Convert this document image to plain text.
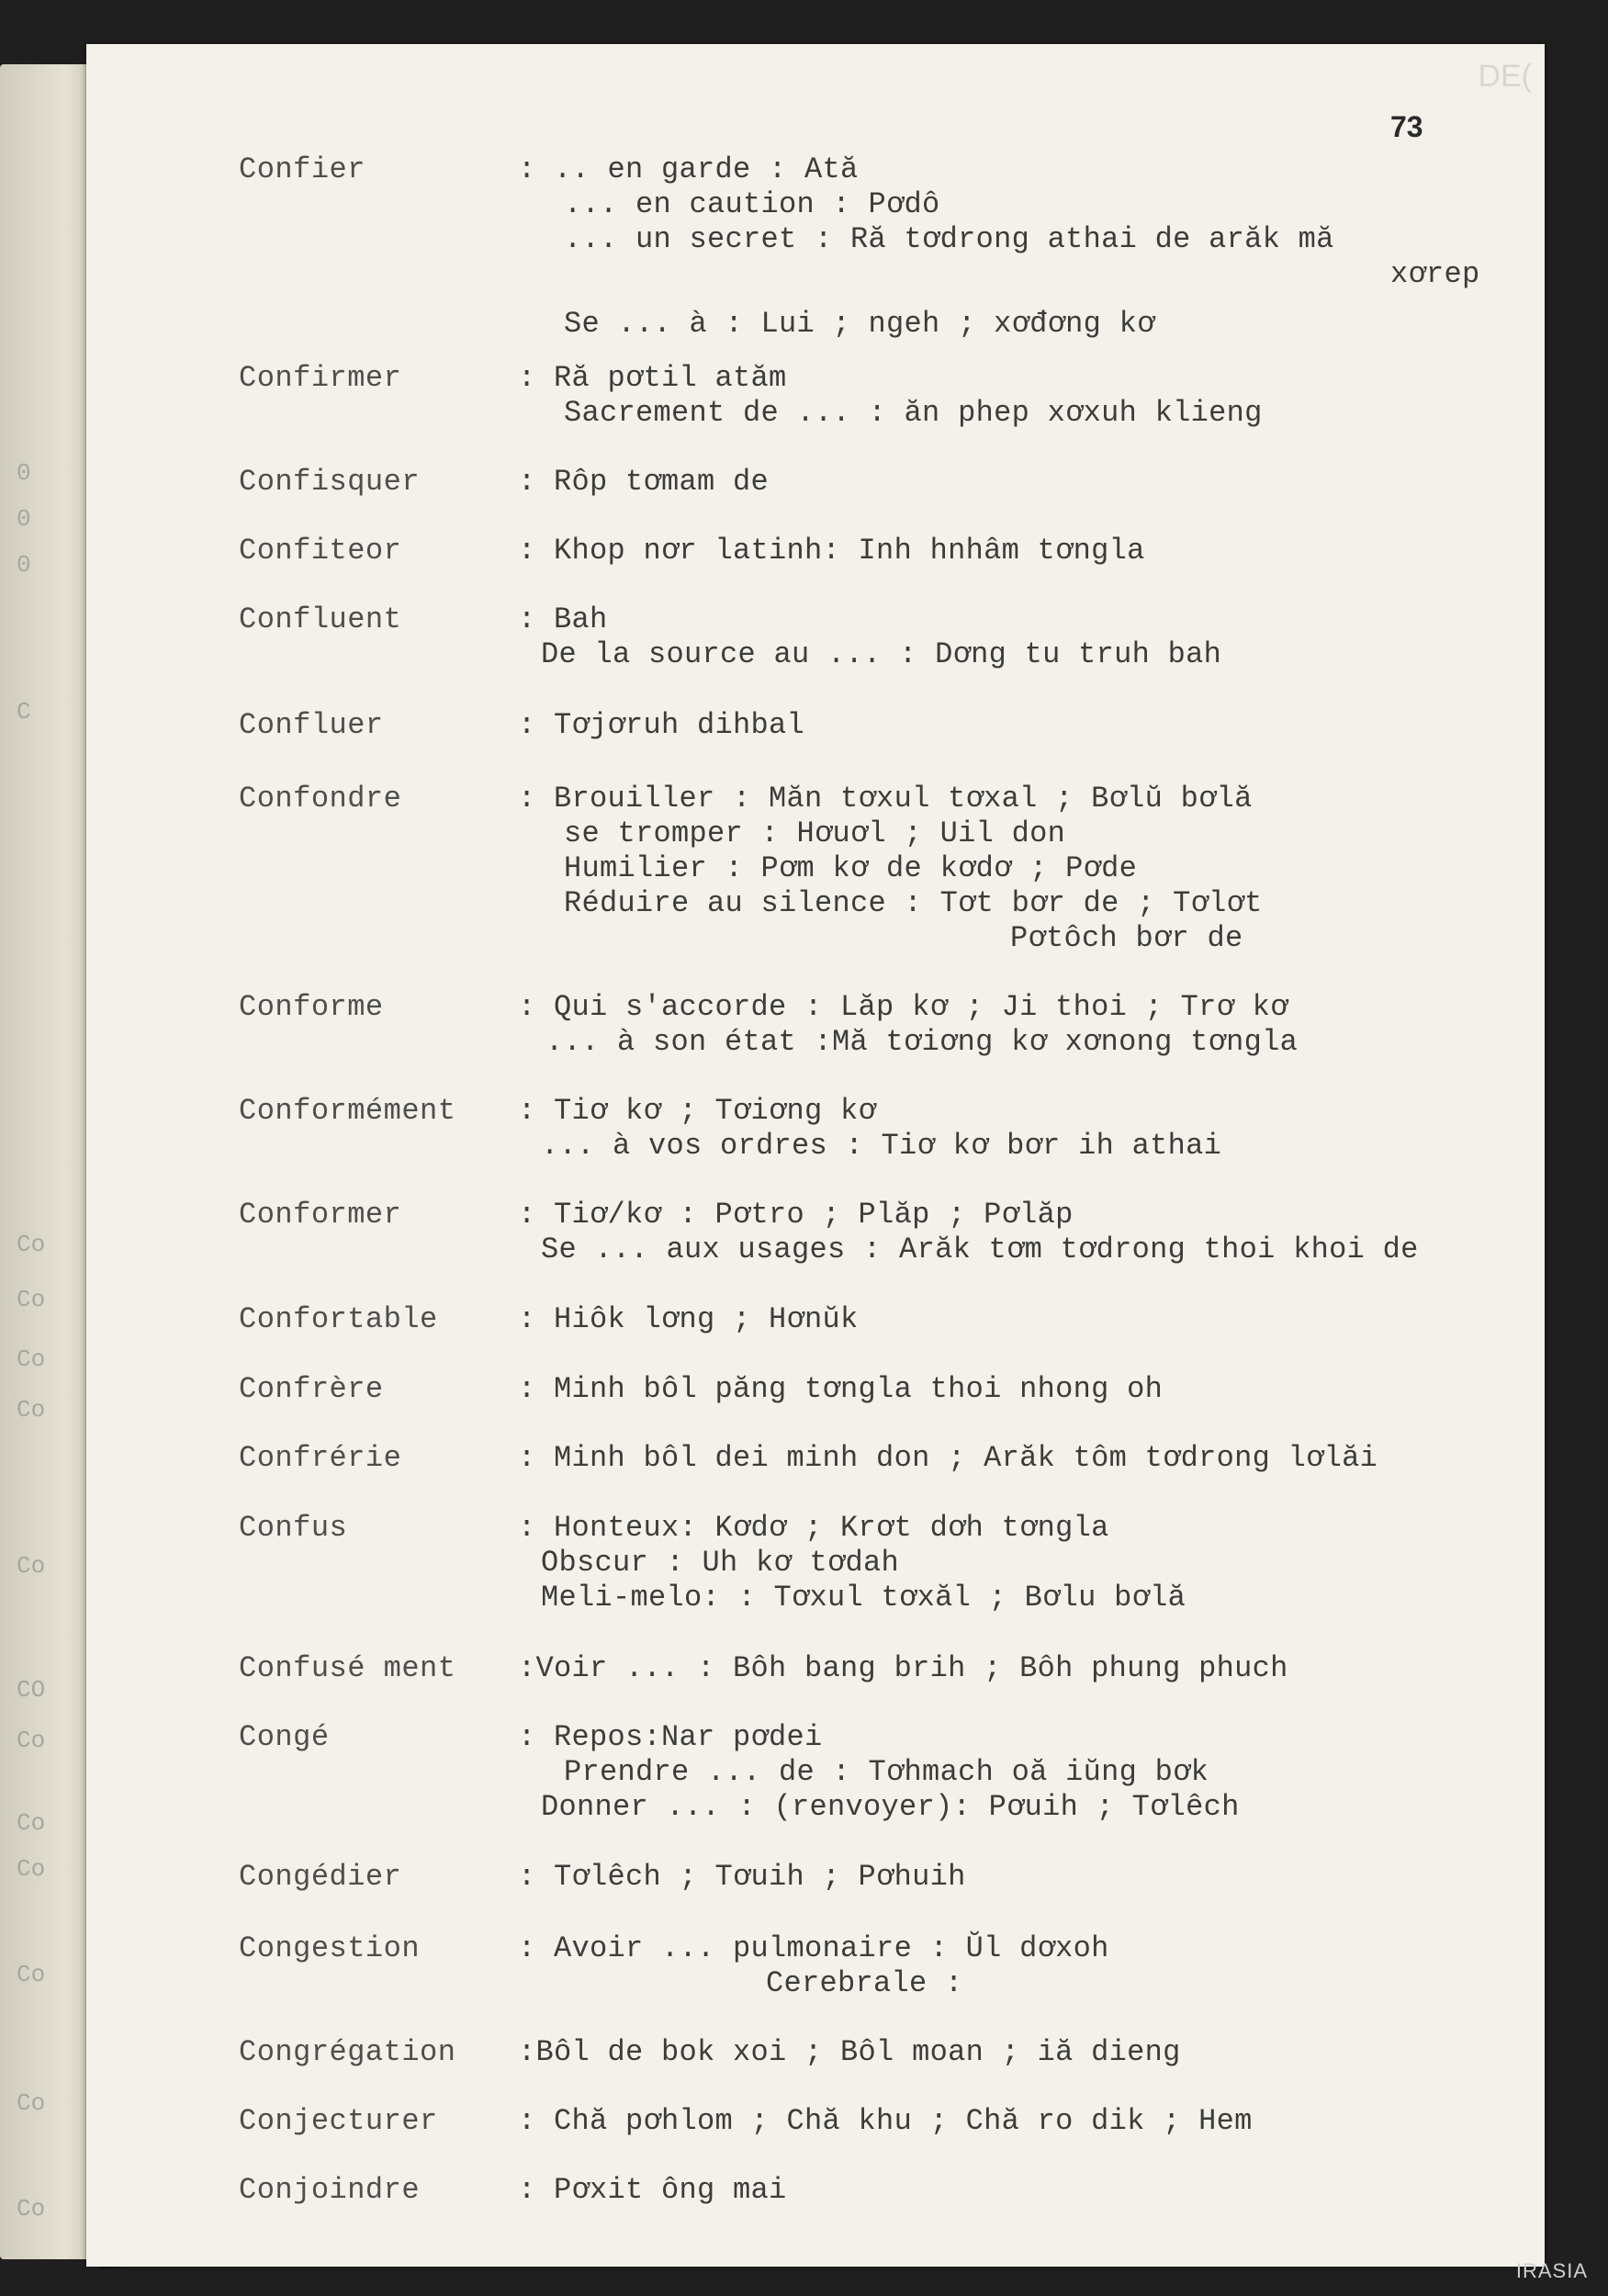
0
0
0
C
Co
Co
Co
Co
Co
CO
Co
Co
Co
Co
Co
Co
DE(
73
Confier	: .. en garde : Ată
... en caution : Pơdô
... un secret : Ră tơdrong athai de arăk mă
xơrep
Se ... à : Lui ; ngeh ; xơđơng kơ
Confirmer	: Ră pơtil atăm
Sacrement de ... : ăn phep xơxuh klieng
Confisquer	: Rôp tơmam de
Confiteor	: Khop nơr latinh: Inh hnhâm tơngla
Confluent	: Bah
De la source au ... : Dơng tu truh bah
Confluer	: Tơjơruh dihbal
Confondre	: Brouiller : Măn tơxul tơxal ; Bơlŭ bơlă
se tromper : Hơuơl ; Uil don
Humilier : Pơm kơ de kơdơ ; Pơde
Réduire au silence : Tơt bơr de ; Tơlơt
Pơtôch bơr de
Conforme	: Qui s'accorde : Lăp kơ ; Ji thoi ; Trơ kơ
... à son état :Mă tơiơng kơ xơnong tơngla
Conformément : Tiơ kơ ; Tơiơng kơ
... à vos ordres : Tiơ kơ bơr ih athai
Conformer	: Tiơ/kơ : Pơtro ; Plăp ; Pơlăp
Se ... aux usages : Arăk tơm tơdrong thoi khoi de
Confortable	: Hiôk lơng ; Hơnŭk
Confrère	: Minh bôl păng tơngla thoi nhong oh
Confrérie	: Minh bôl dei minh don ; Arăk tôm tơdrong lơlăi
Confus	: Honteux: Kơdơ ; Krơt dơh tơngla
Obscur : Uh kơ tơdah
Meli-melo: : Tơxul tơxăl ; Bơlu bơlă
Confusé ment :Voir ... : Bôh bang brih ; Bôh phung phuch
Congé	: Repos:Nar pơdei
Prendre ... de : Tơhmach oă iŭng bơk
Donner ... : (renvoyer): Pơuih ; Tơlêch
Congédier	: Tơlêch ; Tơuih ; Pơhuih
Congestion	: Avoir ... pulmonaire : Ŭl dơxoh
Cerebrale :
Congrégation :Bôl de bok xoi ; Bôl moan ; iă dieng
Conjecturer	: Chă pơhlom ; Chă khu ; Chă ro dik ; Hem
Conjoindre	: Pơxit ông mai
IRASIA
